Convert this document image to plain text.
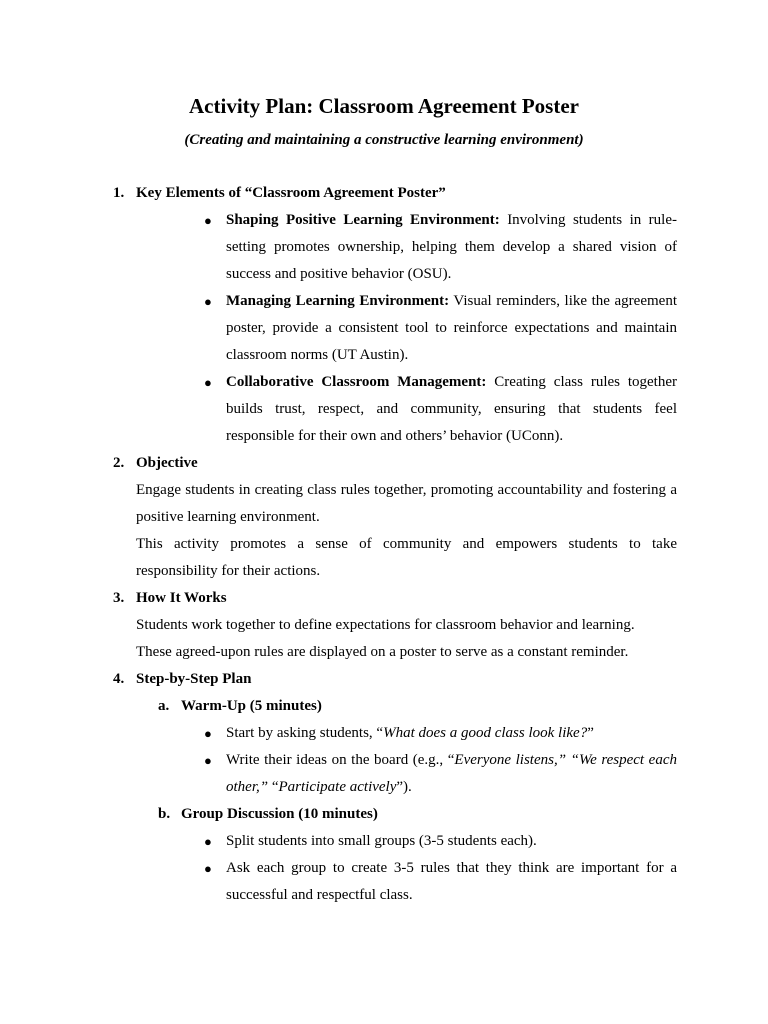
Activity Plan: Classroom Agreement Poster
(Creating and maintaining a constructive learning environment)
1. Key Elements of “Classroom Agreement Poster”
● Shaping Positive Learning Environment: Involving students in rule-setting promotes ownership, helping them develop a shared vision of success and positive behavior (OSU).
● Managing Learning Environment: Visual reminders, like the agreement poster, provide a consistent tool to reinforce expectations and maintain classroom norms (UT Austin).
● Collaborative Classroom Management: Creating class rules together builds trust, respect, and community, ensuring that students feel responsible for their own and others’ behavior (UConn).
2. Objective
Engage students in creating class rules together, promoting accountability and fostering a positive learning environment.
This activity promotes a sense of community and empowers students to take responsibility for their actions.
3. How It Works
Students work together to define expectations for classroom behavior and learning.
These agreed-upon rules are displayed on a poster to serve as a constant reminder.
4. Step-by-Step Plan
a. Warm-Up (5 minutes)
● Start by asking students, “What does a good class look like?”
● Write their ideas on the board (e.g., “Everyone listens,” “We respect each other,” “Participate actively”).
b. Group Discussion (10 minutes)
● Split students into small groups (3-5 students each).
● Ask each group to create 3-5 rules that they think are important for a successful and respectful class.
